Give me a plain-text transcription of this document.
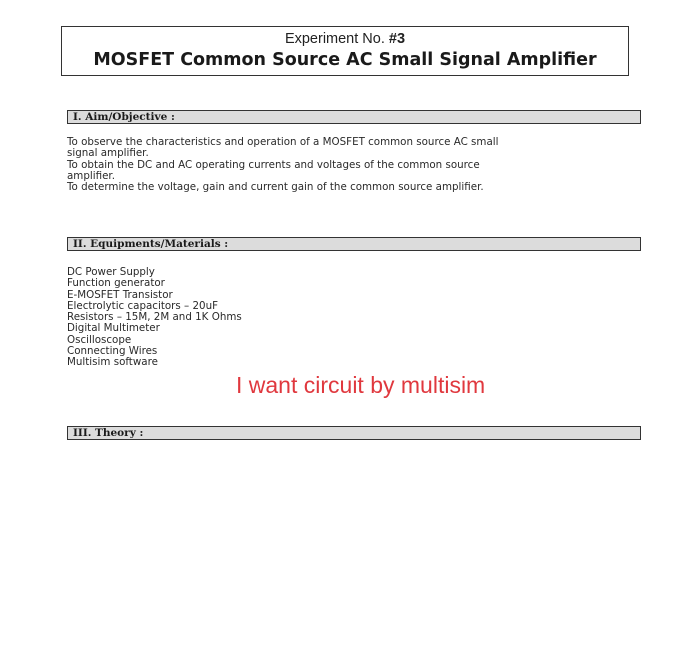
Experiment No. #3
MOSFET Common Source AC Small Signal Amplifier
I. Aim/Objective :
To observe the characteristics and operation of a MOSFET common source AC small
signal amplifier.
To obtain the DC and AC operating currents and voltages of the common source
amplifier.
To determine the voltage, gain and current gain of the common source amplifier.
II. Equipments/Materials :
DC Power Supply
Function generator
E-MOSFET Transistor
Electrolytic capacitors – 20uF
Resistors – 15M, 2M and 1K Ohms
Digital Multimeter
Oscilloscope
Connecting Wires
Multisim software
I want circuit by multisim
III. Theory :
